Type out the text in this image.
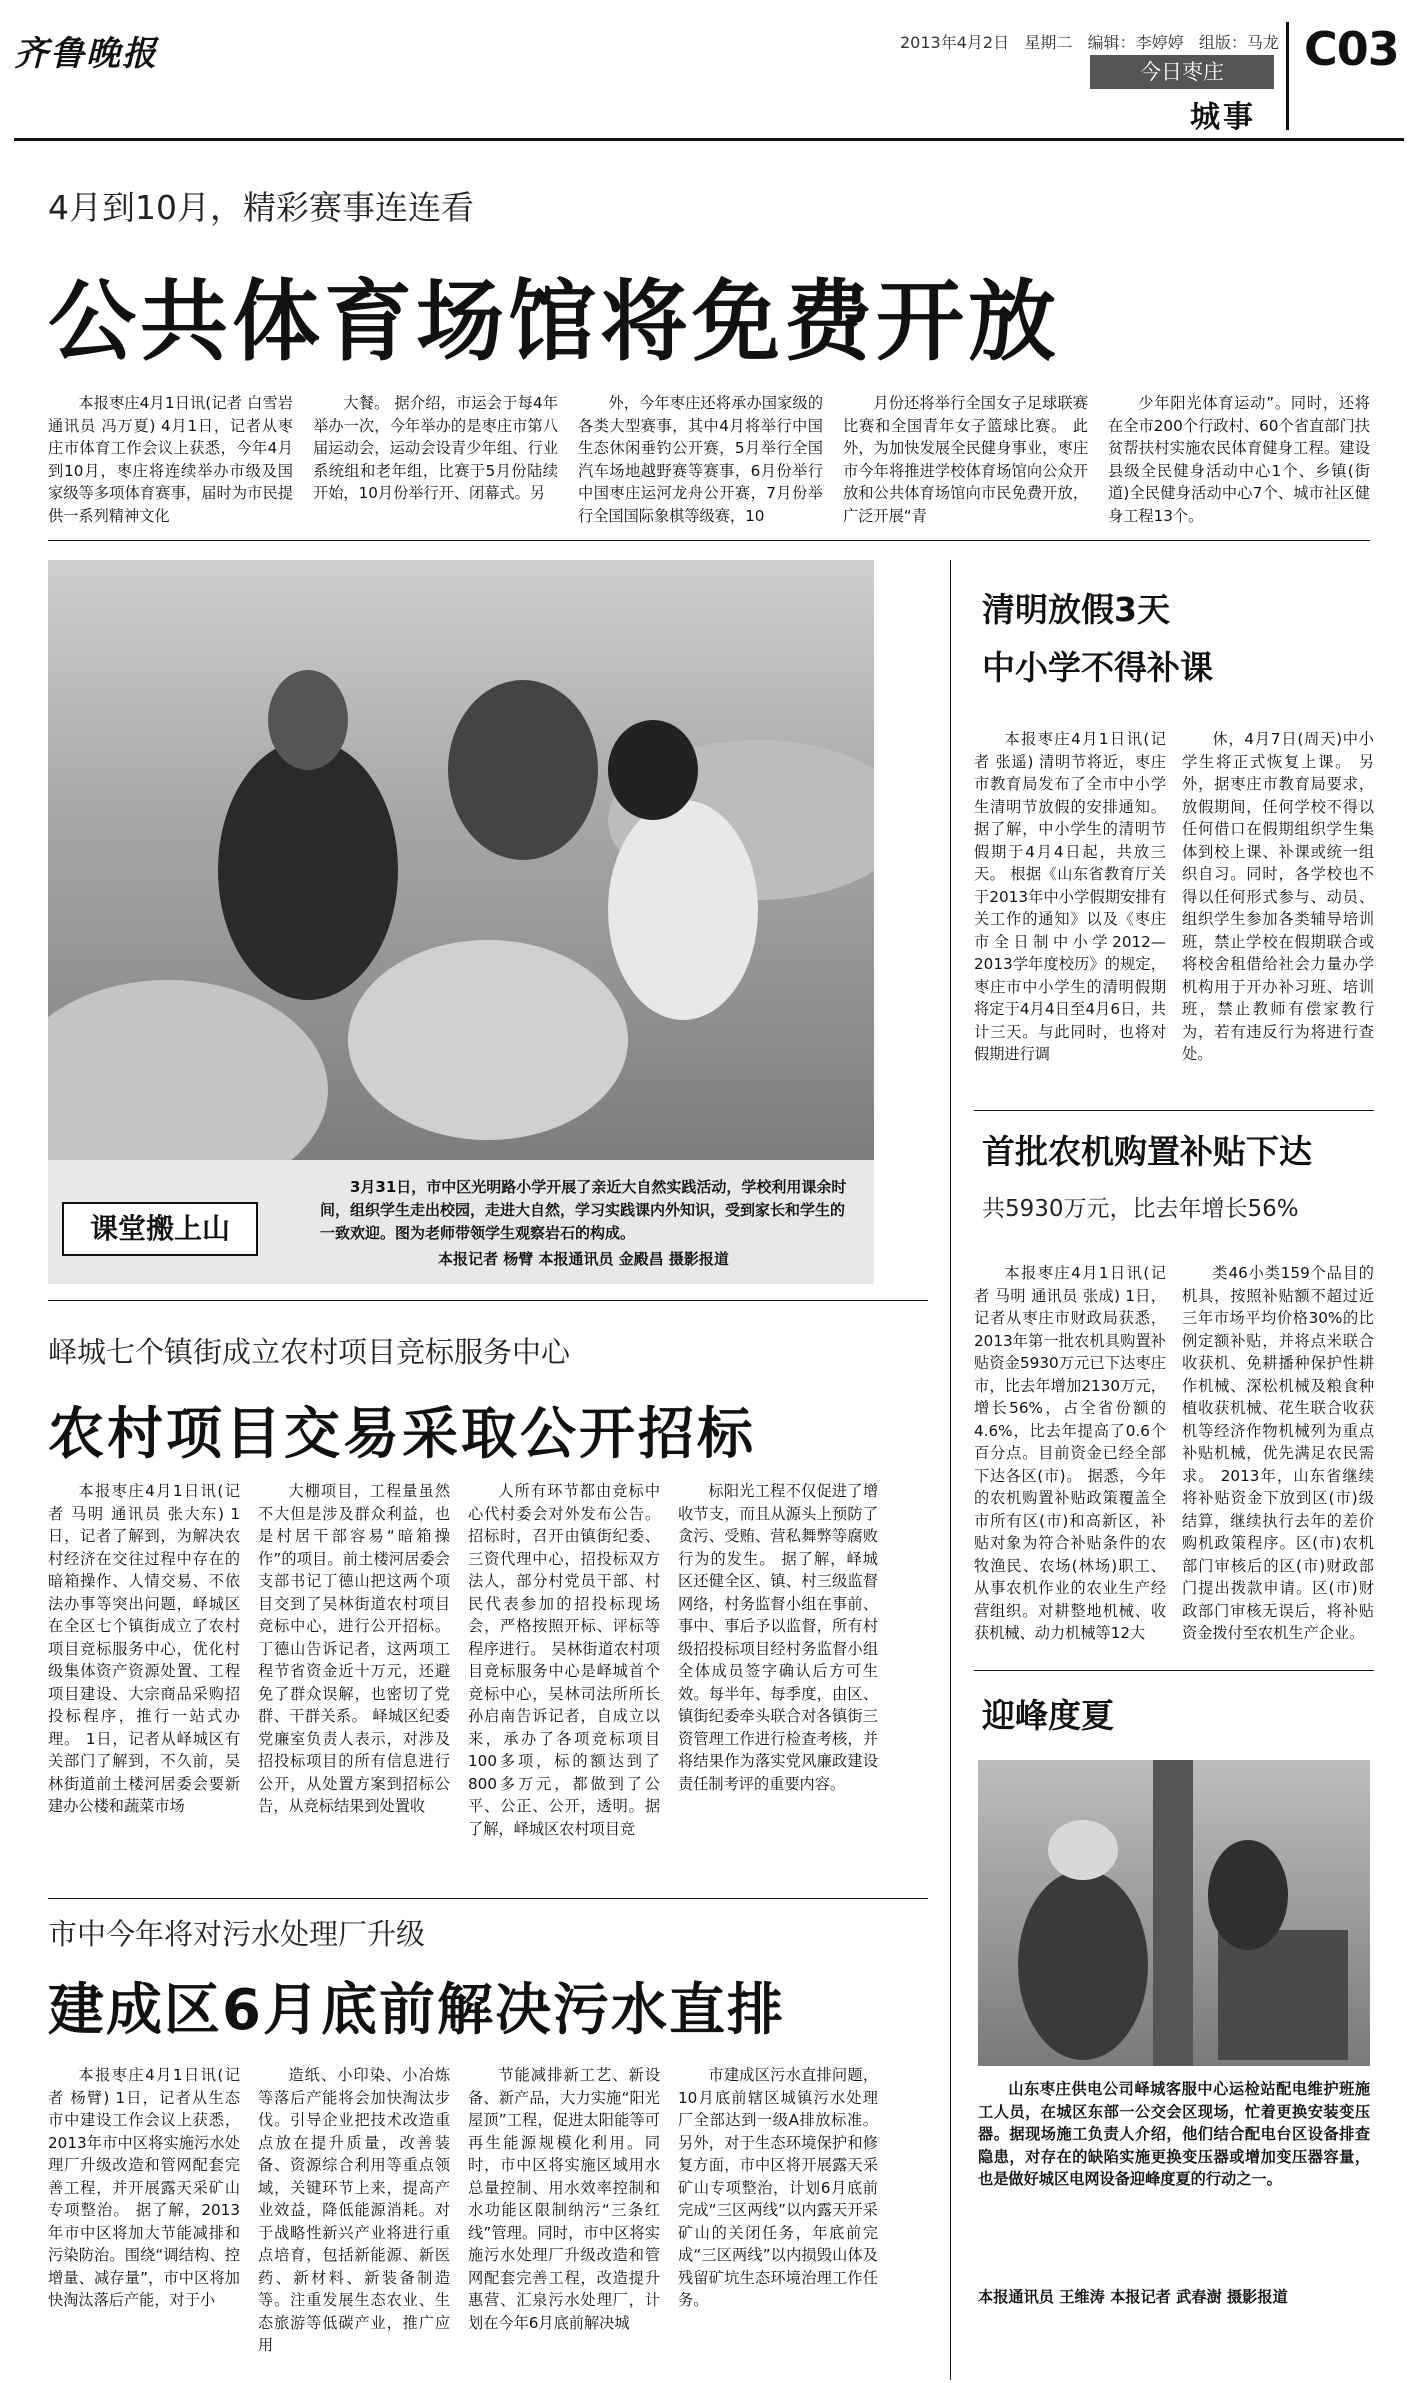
齐鲁晚报	2013年4月2日 星期二 编辑：李婷婷 组版：马龙
今日枣庄
城事
C03
4月到10月，精彩赛事连连看
公共体育场馆将免费开放
本报枣庄4月1日讯(记者 白雪岩 通讯员 冯万夏) 4月1日，记者从枣庄市体育工作会议上获悉，今年4月到10月，枣庄将连续举办市级及国家级等多项体育赛事，届时为市民提供一系列精神文化
大餐。 据介绍，市运会于每4年举办一次，今年举办的是枣庄市第八届运动会，运动会设青少年组、行业系统组和老年组，比赛于5月份陆续开始，10月份举行开、闭幕式。另
外，今年枣庄还将承办国家级的各类大型赛事，其中4月将举行中国生态休闲垂钓公开赛，5月举行全国汽车场地越野赛等赛事，6月份举行中国枣庄运河龙舟公开赛，7月份举行全国国际象棋等级赛，10
月份还将举行全国女子足球联赛比赛和全国青年女子篮球比赛。 此外，为加快发展全民健身事业，枣庄市今年将推进学校体育场馆向公众开放和公共体育场馆向市民免费开放，广泛开展“青
少年阳光体育运动”。同时，还将在全市200个行政村、60个省直部门扶贫帮扶村实施农民体育健身工程。建设县级全民健身活动中心1个、乡镇(街道)全民健身活动中心7个、城市社区健身工程13个。
课堂搬上山
3月31日，市中区光明路小学开展了亲近大自然实践活动，学校利用课余时间，组织学生走出校园，走进大自然，学习实践课内外知识，受到家长和学生的一致欢迎。图为老师带领学生观察岩石的构成。
本报记者 杨臂 本报通讯员 金殿昌 摄影报道
清明放假3天
中小学不得补课
本报枣庄4月1日讯(记者 张遥) 清明节将近，枣庄市教育局发布了全市中小学生清明节放假的安排通知。据了解，中小学生的清明节假期于4月4日起，共放三天。 根据《山东省教育厅关于2013年中小学假期安排有关工作的通知》以及《枣庄市全日制中小学2012—2013学年度校历》的规定，枣庄市中小学生的清明假期将定于4月4日至4月6日，共计三天。与此同时，也将对假期进行调
休，4月7日(周天)中小学生将正式恢复上课。 另外，据枣庄市教育局要求，放假期间，任何学校不得以任何借口在假期组织学生集体到校上课、补课或统一组织自习。同时，各学校也不得以任何形式参与、动员、组织学生参加各类辅导培训班，禁止学校在假期联合或将校舍租借给社会力量办学机构用于开办补习班、培训班，禁止教师有偿家教行为，若有违反行为将进行查处。
首批农机购置补贴下达
共5930万元，比去年增长56%
本报枣庄4月1日讯(记者 马明 通讯员 张成) 1日，记者从枣庄市财政局获悉，2013年第一批农机具购置补贴资金5930万元已下达枣庄市，比去年增加2130万元，增长56%，占全省份额的4.6%，比去年提高了0.6个百分点。目前资金已经全部下达各区(市)。 据悉，今年的农机购置补贴政策覆盖全市所有区(市)和高新区，补贴对象为符合补贴条件的农牧渔民、农场(林场)职工、从事农机作业的农业生产经营组织。对耕整地机械、收获机械、动力机械等12大
类46小类159个品目的机具，按照补贴额不超过近三年市场平均价格30%的比例定额补贴，并将点米联合收获机、免耕播种保护性耕作机械、深松机械及粮食种植收获机械、花生联合收获机等经济作物机械列为重点补贴机械，优先满足农民需求。 2013年，山东省继续将补贴资金下放到区(市)级结算，继续执行去年的差价购机政策程序。区(市)农机部门审核后的区(市)财政部门提出拨款申请。区(市)财政部门审核无误后，将补贴资金拨付至农机生产企业。
迎峰度夏
山东枣庄供电公司峄城客服中心运检站配电维护班施工人员，在城区东部一公交会区现场，忙着更换安装变压器。据现场施工负责人介绍，他们结合配电台区设备排查隐患，对存在的缺陷实施更换变压器或增加变压器容量，也是做好城区电网设备迎峰度夏的行动之一。
本报通讯员 王维涛 本报记者 武春澍 摄影报道
峄城七个镇街成立农村项目竞标服务中心
农村项目交易采取公开招标
本报枣庄4月1日讯(记者 马明 通讯员 张大东) 1日，记者了解到，为解决农村经济在交往过程中存在的暗箱操作、人情交易、不依法办事等突出问题，峄城区在全区七个镇街成立了农村项目竞标服务中心，优化村级集体资产资源处置、工程项目建设、大宗商品采购招投标程序，推行一站式办理。 1日，记者从峄城区有关部门了解到，不久前，吴林街道前土楼河居委会要新建办公楼和蔬菜市场
大棚项目，工程量虽然不大但是涉及群众利益，也是村居干部容易“暗箱操作”的项目。前土楼河居委会支部书记丁德山把这两个项目交到了吴林街道农村项目竞标中心，进行公开招标。丁德山告诉记者，这两项工程节省资金近十万元，还避免了群众误解，也密切了党群、干群关系。 峄城区纪委党廉室负责人表示，对涉及招投标项目的所有信息进行公开，从处置方案到招标公告，从竞标结果到处置收
人所有环节都由竞标中心代村委会对外发布公告。招标时，召开由镇街纪委、三资代理中心，招投标双方法人，部分村党员干部、村民代表参加的招投标现场会，严格按照开标、评标等程序进行。 吴林街道农村项目竞标服务中心是峄城首个竞标中心，吴林司法所所长孙启南告诉记者，自成立以来，承办了各项竞标项目100多项，标的额达到了800多万元，都做到了公平、公正、公开，透明。据了解，峄城区农村项目竞
标阳光工程不仅促进了增收节支，而且从源头上预防了贪污、受贿、营私舞弊等腐败行为的发生。 据了解，峄城区还健全区、镇、村三级监督网络，村务监督小组在事前、事中、事后予以监督，所有村级招投标项目经村务监督小组全体成员签字确认后方可生效。每半年、每季度，由区、镇街纪委牵头联合对各镇街三资管理工作进行检查考核，并将结果作为落实党风廉政建设责任制考评的重要内容。
市中今年将对污水处理厂升级
建成区6月底前解决污水直排
本报枣庄4月1日讯(记者 杨臂) 1日，记者从生态市中建设工作会议上获悉，2013年市中区将实施污水处理厂升级改造和管网配套完善工程，并开展露天采矿山专项整治。 据了解，2013年市中区将加大节能减排和污染防治。围绕“调结构、控增量、减存量”，市中区将加快淘汰落后产能，对于小
造纸、小印染、小冶炼等落后产能将会加快淘汰步伐。引导企业把技术改造重点放在提升质量，改善装备、资源综合利用等重点领域，关键环节上来，提高产业效益，降低能源消耗。对于战略性新兴产业将进行重点培育，包括新能源、新医药、新材料、新装备制造等。注重发展生态农业、生态旅游等低碳产业，推广应用
节能减排新工艺、新设备、新产品，大力实施“阳光屋顶”工程，促进太阳能等可再生能源规模化利用。同时，市中区将实施区域用水总量控制、用水效率控制和水功能区限制纳污“三条红线”管理。同时，市中区将实施污水处理厂升级改造和管网配套完善工程，改造提升惠营、汇泉污水处理厂，计划在今年6月底前解决城
市建成区污水直排问题，10月底前辖区城镇污水处理厂全部达到一级A排放标准。 另外，对于生态环境保护和修复方面，市中区将开展露天采矿山专项整治，计划6月底前完成“三区两线”以内露天开采矿山的关闭任务，年底前完成“三区两线”以内损毁山体及残留矿坑生态环境治理工作任务。
